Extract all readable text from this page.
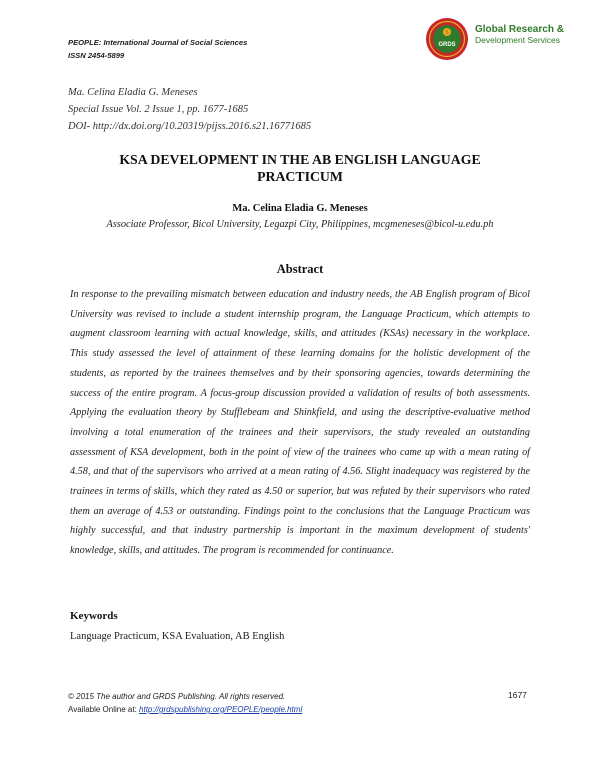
PEOPLE: International Journal of Social Sciences
ISSN 2454-5899
S
GRDS
Global Research &
Development Services
Ma. Celina Eladia G. Meneses
Special Issue Vol. 2 Issue 1, pp. 1677-1685
DOI- http://dx.doi.org/10.20319/pijss.2016.s21.16771685
KSA DEVELOPMENT IN THE AB ENGLISH LANGUAGE
PRACTICUM
Ma. Celina Eladia G. Meneses
Associate Professor, Bicol University, Legazpi City, Philippines, mcgmeneses@bicol-u.edu.ph
Abstract
In response to the prevailing mismatch between education and industry needs, the AB English program of Bicol University was revised to include a student internship program, the Language Practicum, which attempts to augment classroom learning with actual knowledge, skills, and attitudes (KSAs) necessary in the workplace. This study assessed the level of attainment of these learning domains for the holistic development of the students, as reported by the trainees themselves and by their sponsoring agencies, towards determining the success of the entire program. A focus-group discussion provided a validation of results of both assessments. Applying the evaluation theory by Stufflebeam and Shinkfield, and using the descriptive-evaluative method involving a total enumeration of the trainees and their supervisors, the study revealed an outstanding assessment of KSA development, both in the point of view of the trainees who came up with a mean rating of 4.58, and that of the supervisors who arrived at a mean rating of 4.56. Slight inadequacy was registered by the trainees in terms of skills, which they rated as 4.50 or superior, but was refuted by their supervisors who rated them an average of 4.53 or outstanding. Findings point to the conclusions that the Language Practicum was highly successful, and that industry partnership is important in the maximum development of students' knowledge, skills, and attitudes. The program is recommended for continuance.
Keywords
Language Practicum, KSA Evaluation, AB English
© 2015 The author and GRDS Publishing. All rights reserved.
Available Online at: http://grdspublishing.org/PEOPLE/people.html
1677
